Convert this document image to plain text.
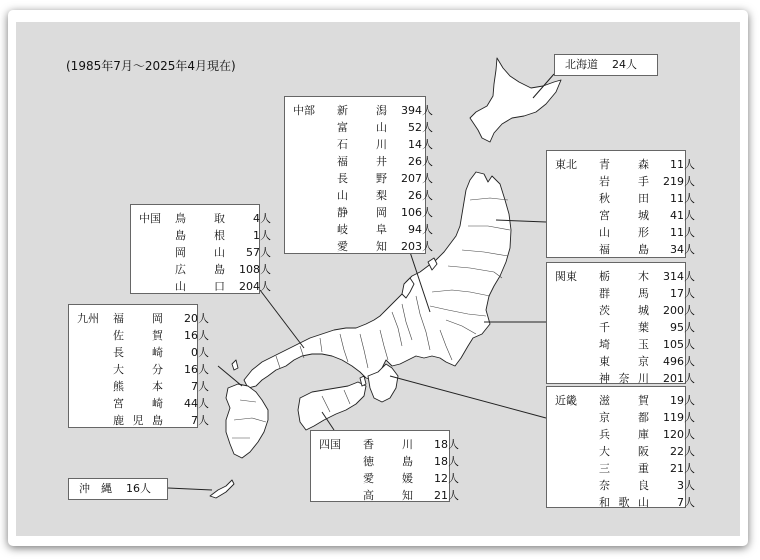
(1985年7月〜2025年4月現在)	北海道 24人
沖　縄 16人
中部 新潟	394人
富山	52人
石川	14人
福井	26人
長野	207人
山梨	26人
静岡	106人
岐阜	94人
愛知	203人
東北 青森	11人
岩手	219人
秋田	11人
宮城	41人
山形	11人
福島	34人
関東 栃木	314人
群馬	17人
茨城	200人
千葉	95人
埼玉	105人
東京	496人
神奈川	201人
近畿 滋賀	19人
京都	119人
兵庫	120人
大阪	22人
三重	21人
奈良	3人
和歌山	7人
中国 鳥取	4人
島根	1人
岡山	57人
広島	108人
山口	204人
九州 福岡	20人
佐賀	16人
長崎	0人
大分	16人
熊本	7人
宮崎	44人
鹿児島	7人
四国 香川	18人
徳島	18人
愛媛	12人
高知	21人
